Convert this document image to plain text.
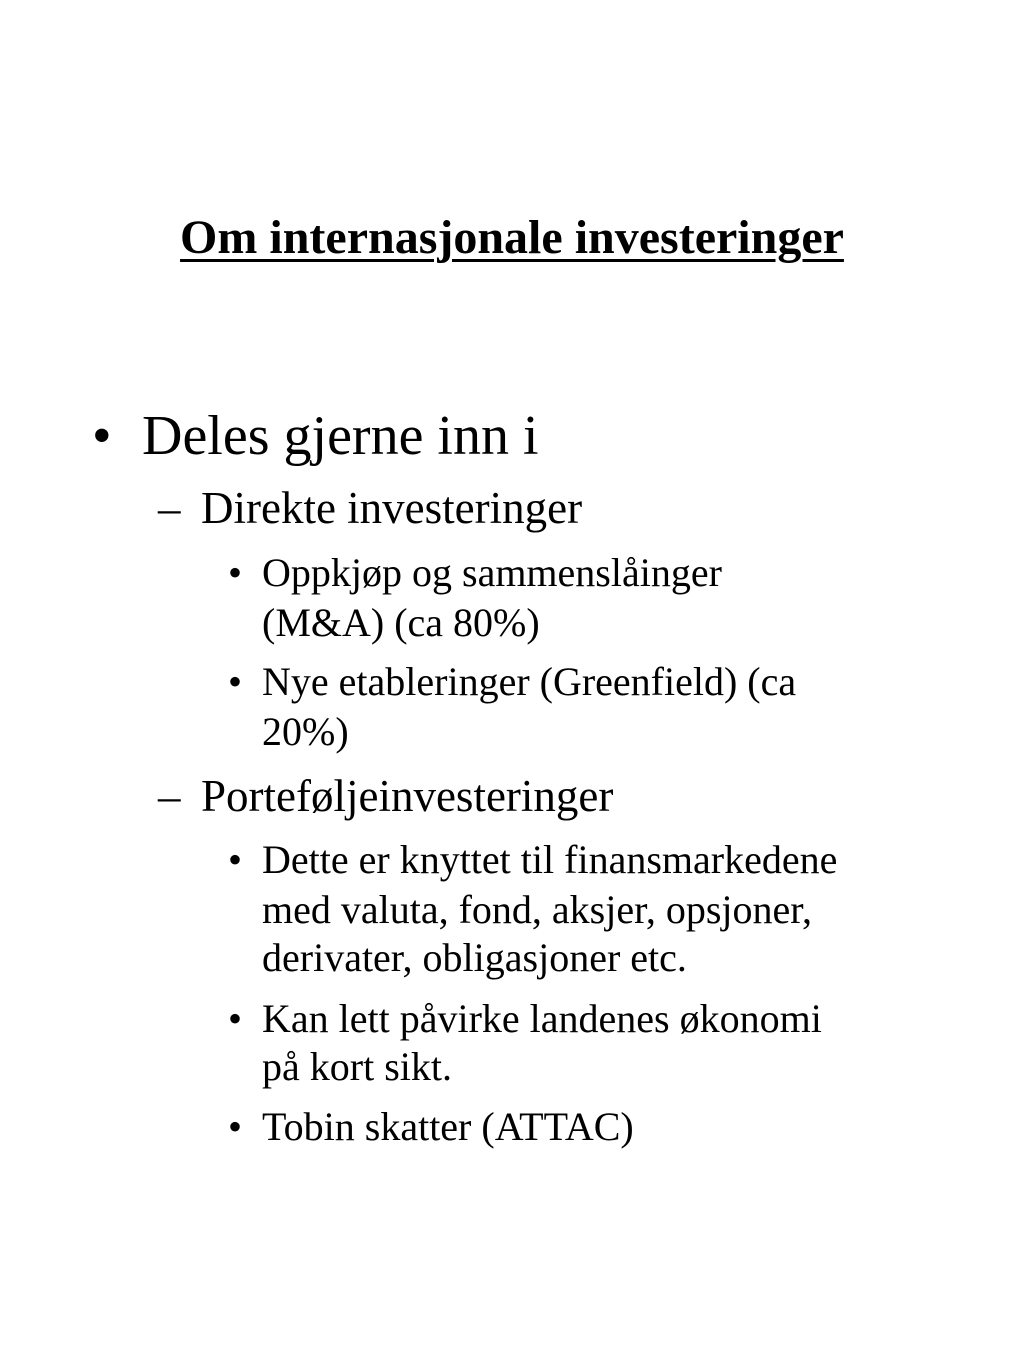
Om internasjonale investeringer
• Deles gjerne inn i
– Direkte investeringer
• Oppkjøp og sammenslåinger
(M&A) (ca 80%)
• Nye etableringer (Greenfield) (ca
20%)
– Porteføljeinvesteringer
• Dette er knyttet til finansmarkedene
med valuta, fond, aksjer, opsjoner,
derivater, obligasjoner etc.
• Kan lett påvirke landenes økonomi
på kort sikt.
• Tobin skatter (ATTAC)
